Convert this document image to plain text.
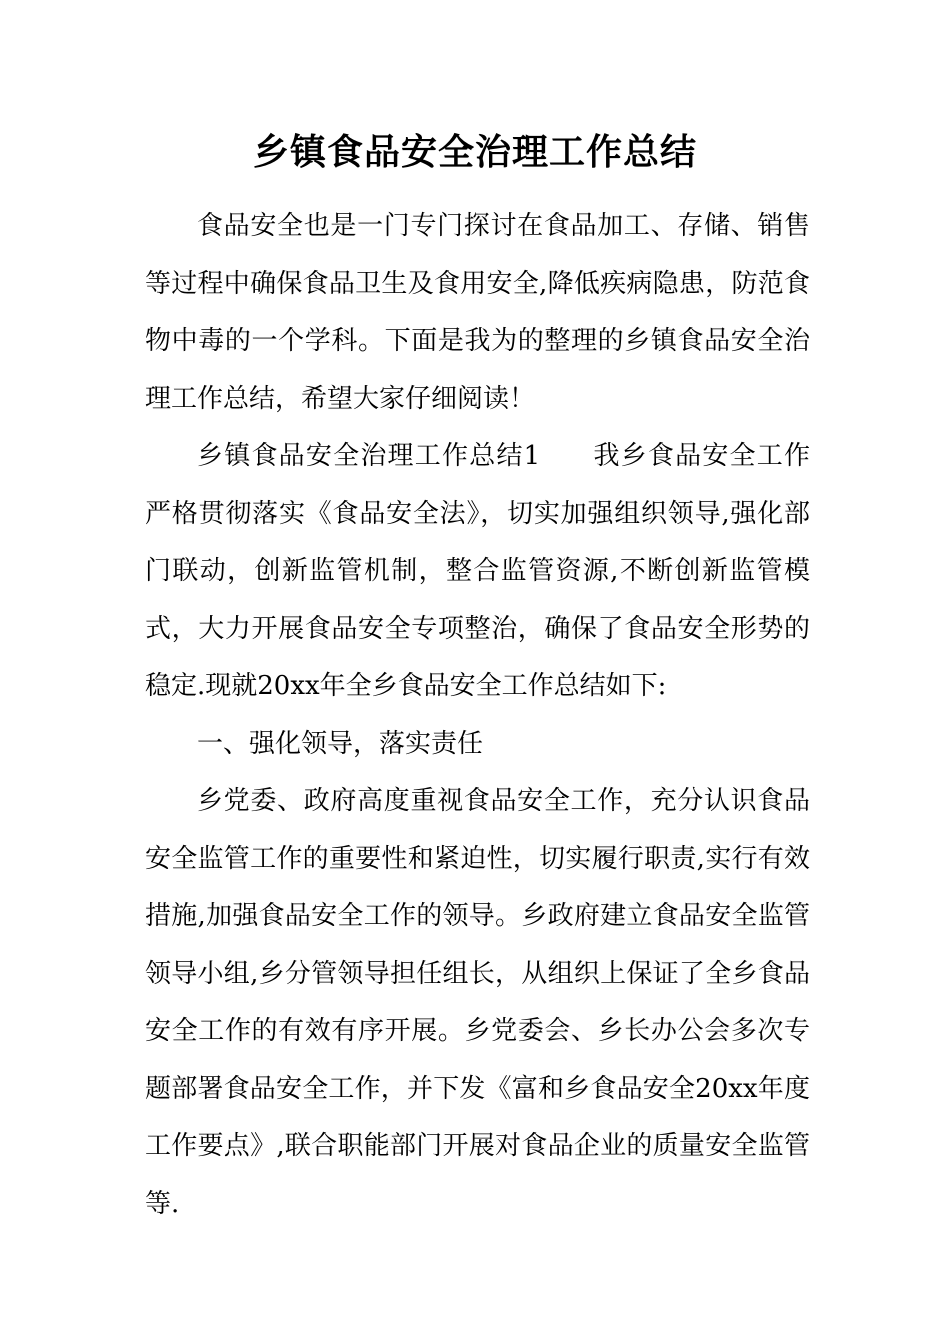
乡镇食品安全治理工作总结

食品安全也是一门专门探讨在食品加工、存储、销售等过程中确保食品卫生及食用安全,降低疾病隐患，防范食物中毒的一个学科。下面是我为的整理的乡镇食品安全治理工作总结，希望大家仔细阅读！

乡镇食品安全治理工作总结1 我乡食品安全工作严格贯彻落实《食品安全法》，切实加强组织领导,强化部门联动，创新监管机制，整合监管资源,不断创新监管模式，大力开展食品安全专项整治，确保了食品安全形势的稳定.现就20xx年全乡食品安全工作总结如下:

一、强化领导，落实责任

乡党委、政府高度重视食品安全工作，充分认识食品安全监管工作的重要性和紧迫性，切实履行职责,实行有效措施,加强食品安全工作的领导。乡政府建立食品安全监管领导小组,乡分管领导担任组长，从组织上保证了全乡食品安全工作的有效有序开展。乡党委会、乡长办公会多次专题部署食品安全工作，并下发《富和乡食品安全20xx年度工作要点》,联合职能部门开展对食品企业的质量安全监管等.
